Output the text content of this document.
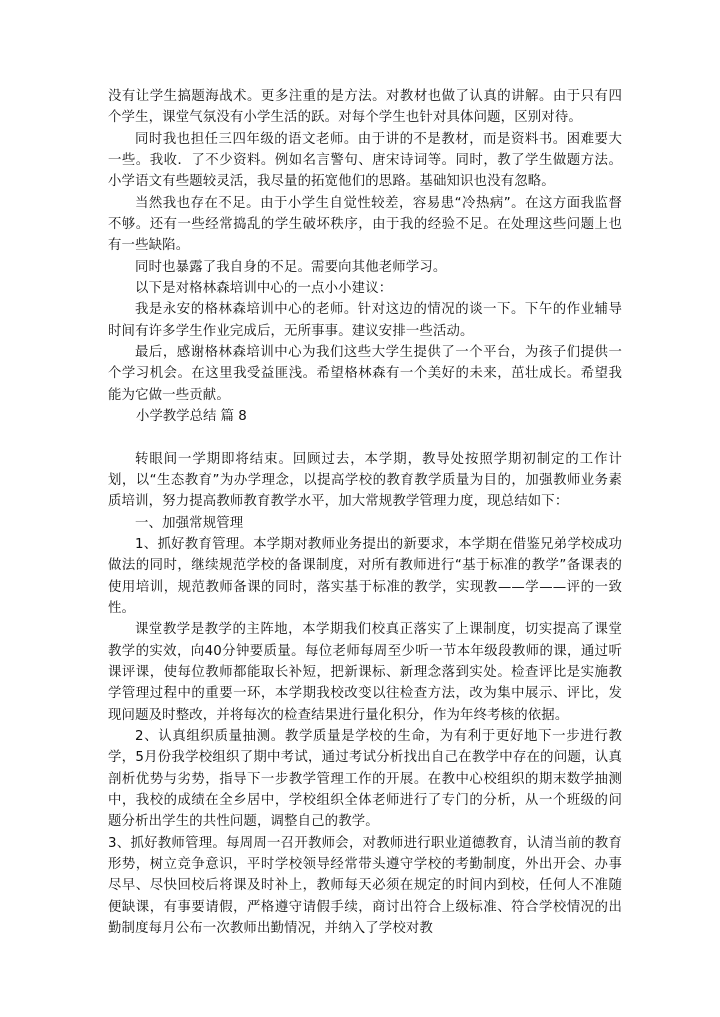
没有让学生搞题海战术。更多注重的是方法。对教材也做了认真的讲解。由于只有四个学生，课堂气氛没有小学生活的跃。对每个学生也针对具体问题，区别对待。

同时我也担任三四年级的语文老师。由于讲的不是教材，而是资料书。困难要大一些。我收．了不少资料。例如名言警句、唐宋诗词等。同时，教了学生做题方法。小学语文有些题较灵活，我尽量的拓宽他们的思路。基础知识也没有忽略。

当然我也存在不足。由于小学生自觉性较差，容易患“冷热病”。在这方面我监督不够。还有一些经常捣乱的学生破坏秩序，由于我的经验不足。在处理这些问题上也有一些缺陷。

同时也暴露了我自身的不足。需要向其他老师学习。

以下是对格林森培训中心的一点小小建议：

我是永安的格林森培训中心的老师。针对这边的情况的谈一下。下午的作业辅导时间有许多学生作业完成后，无所事事。建议安排一些活动。

最后，感谢格林森培训中心为我们这些大学生提供了一个平台，为孩子们提供一个学习机会。在这里我受益匪浅。希望格林森有一个美好的未来，茁壮成长。希望我能为它做一些贡献。

小学教学总结 篇 8

转眼间一学期即将结束。回顾过去，本学期，教导处按照学期初制定的工作计划，以“生态教育”为办学理念，以提高学校的教育教学质量为目的，加强教师业务素质培训，努力提高教师教育教学水平，加大常规教学管理力度，现总结如下：

一、加强常规管理

1、抓好教育管理。本学期对教师业务提出的新要求，本学期在借鉴兄弟学校成功做法的同时，继续规范学校的备课制度，对所有教师进行“基于标准的教学”备课表的使用培训，规范教师备课的同时，落实基于标准的教学，实现教——学——评的一致性。

课堂教学是教学的主阵地，本学期我们校真正落实了上课制度，切实提高了课堂教学的实效，向40分钟要质量。每位老师每周至少听一节本年级段教师的课，通过听课评课，使每位教师都能取长补短，把新课标、新理念落到实处。检查评比是实施教学管理过程中的重要一环，本学期我校改变以往检查方法，改为集中展示、评比，发现问题及时整改，并将每次的检查结果进行量化积分，作为年终考核的依据。

2、认真组织质量抽测。教学质量是学校的生命，为有利于更好地下一步进行教学，5月份我学校组织了期中考试，通过考试分析找出自己在教学中存在的问题，认真剖析优势与劣势，指导下一步教学管理工作的开展。在教中心校组织的期末数学抽测中，我校的成绩在全乡居中，学校组织全体老师进行了专门的分析，从一个班级的问题分析出学生的共性问题，调整自己的教学。

3、抓好教师管理。每周周一召开教师会，对教师进行职业道德教育，认清当前的教育形势，树立竞争意识，平时学校领导经常带头遵守学校的考勤制度，外出开会、办事尽早、尽快回校后将课及时补上，教师每天必须在规定的时间内到校，任何人不准随便缺课，有事要请假，严格遵守请假手续，商讨出符合上级标准、符合学校情况的出勤制度每月公布一次教师出勤情况，并纳入了学校对教
